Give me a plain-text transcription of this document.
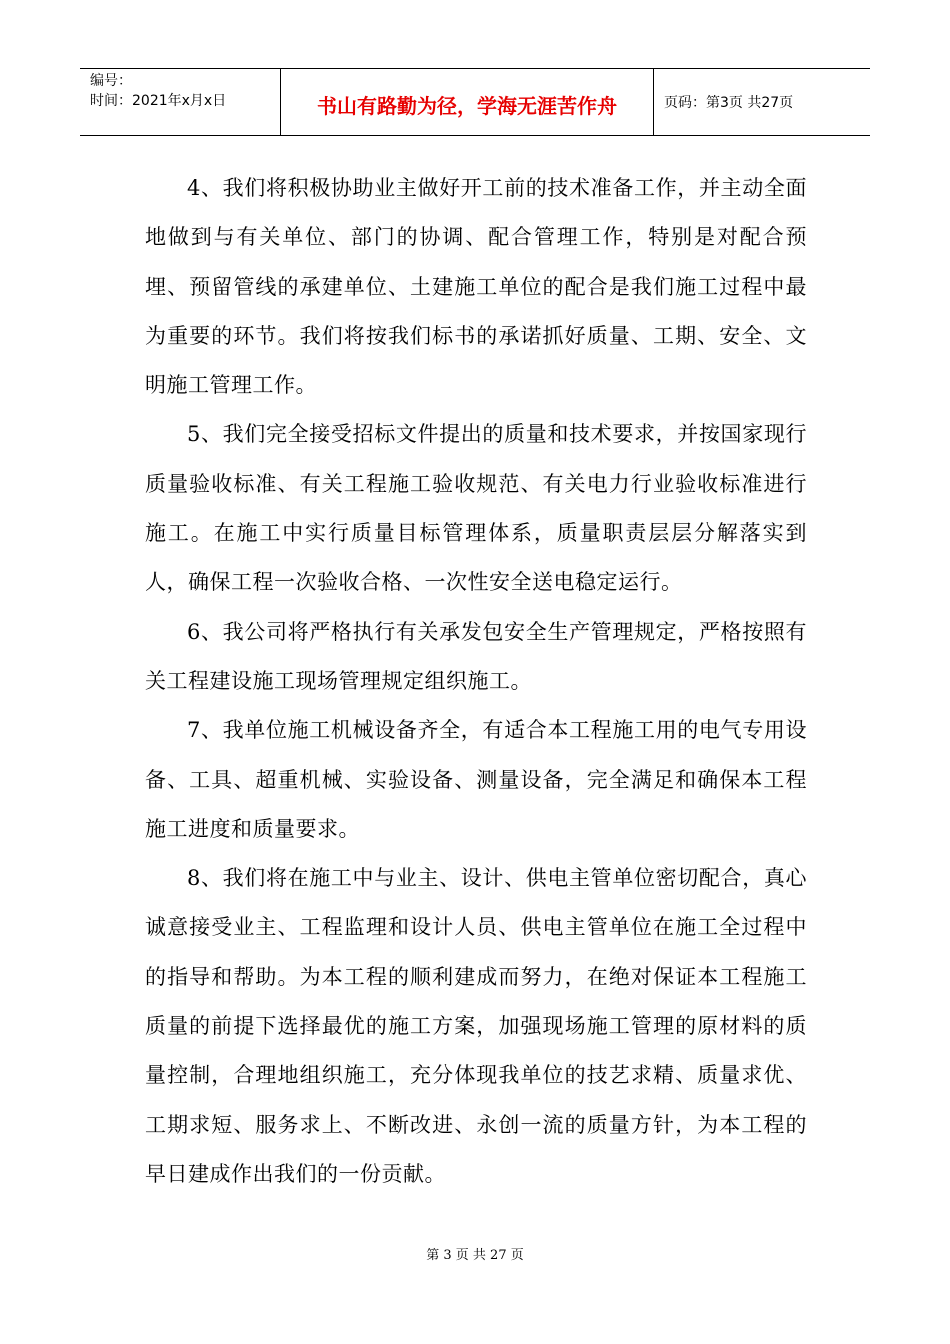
编号：
时间：2021年x月x日	书山有路勤为径，学海无涯苦作舟	页码：第3页 共27页

4、我们将积极协助业主做好开工前的技术准备工作，并主动全面地做到与有关单位、部门的协调、配合管理工作，特别是对配合预埋、预留管线的承建单位、土建施工单位的配合是我们施工过程中最为重要的环节。我们将按我们标书的承诺抓好质量、工期、安全、文明施工管理工作。

5、我们完全接受招标文件提出的质量和技术要求，并按国家现行质量验收标准、有关工程施工验收规范、有关电力行业验收标准进行施工。在施工中实行质量目标管理体系，质量职责层层分解落实到人，确保工程一次验收合格、一次性安全送电稳定运行。

6、我公司将严格执行有关承发包安全生产管理规定，严格按照有关工程建设施工现场管理规定组织施工。

7、我单位施工机械设备齐全，有适合本工程施工用的电气专用设备、工具、超重机械、实验设备、测量设备，完全满足和确保本工程施工进度和质量要求。

8、我们将在施工中与业主、设计、供电主管单位密切配合，真心诚意接受业主、工程监理和设计人员、供电主管单位在施工全过程中的指导和帮助。为本工程的顺利建成而努力，在绝对保证本工程施工质量的前提下选择最优的施工方案，加强现场施工管理的原材料的质量控制，合理地组织施工，充分体现我单位的技艺求精、质量求优、工期求短、服务求上、不断改进、永创一流的质量方针，为本工程的早日建成作出我们的一份贡献。

第 3 页 共 27 页
